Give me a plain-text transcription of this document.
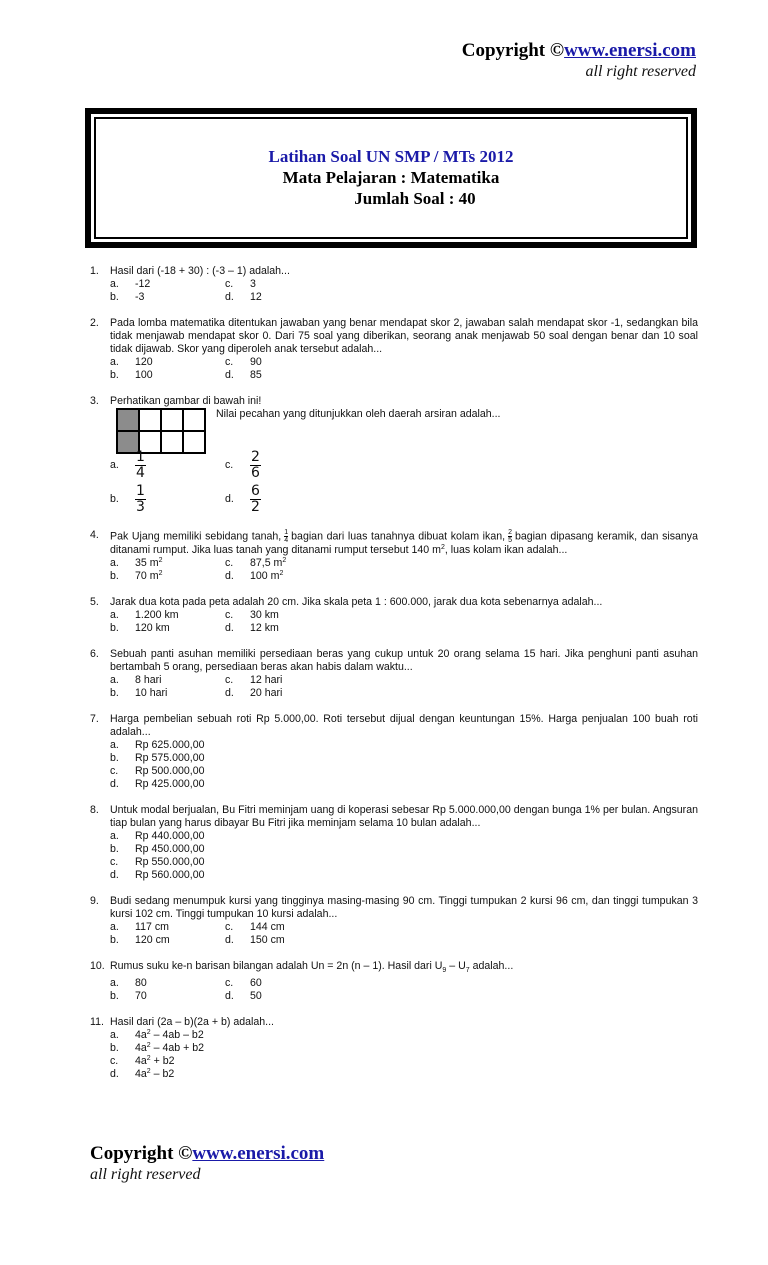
Copyright ©www.enersi.com
all right reserved
Latihan Soal UN SMP / MTs 2012
Mata Pelajaran : Matematika
Jumlah Soal : 40
1. Hasil dari (-18 + 30) : (-3 – 1) adalah...
a.	-12	c.	3
b.	-3	d.	12
2. Pada lomba matematika ditentukan jawaban yang benar mendapat skor 2, jawaban salah mendapat skor -1, sedangkan bila tidak menjawab mendapat skor 0. Dari 75 soal yang diberikan, seorang anak menjawab 50 soal dengan benar dan 10 soal tidak dijawab. Skor yang diperoleh anak tersebut adalah...
a.	120	c.	90
b.	100	d.	85
3. Perhatikan gambar di bawah ini!
Nilai pecahan yang ditunjukkan oleh daerah arsiran adalah...
a.	$\frac{1}{4}$	c.	$\frac{2}{6}$
b.	$\frac{1}{3}$	d.	$\frac{6}{2}$
4. Pak Ujang memiliki sebidang tanah, $\frac{1}{4}$ bagian dari luas tanahnya dibuat kolam ikan, $\frac{2}{5}$ bagian dipasang keramik, dan sisanya ditanami rumput. Jika luas tanah yang ditanami rumput tersebut 140 $m^2$, luas kolam ikan adalah...
a.	35 $m^2$	c.	87,5 $m^2$
b.	70 $m^2$	d.	100 $m^2$
5. Jarak dua kota pada peta adalah 20 cm. Jika skala peta 1 : 600.000, jarak dua kota sebenarnya adalah...
a.	1.200 km	c.	30 km
b.	120 km	d.	12 km
6. Sebuah panti asuhan memiliki persediaan beras yang cukup untuk 20 orang selama 15 hari. Jika penghuni panti asuhan bertambah 5 orang, persediaan beras akan habis dalam waktu...
a.	8 hari	c.	12 hari
b.	10 hari	d.	20 hari
7. Harga pembelian sebuah roti Rp 5.000,00. Roti tersebut dijual dengan keuntungan 15%. Harga penjualan 100 buah roti adalah...
a.	Rp 625.000,00
b.	Rp 575.000,00
c.	Rp 500.000,00
d.	Rp 425.000,00
8. Untuk modal berjualan, Bu Fitri meminjam uang di koperasi sebesar Rp 5.000.000,00 dengan bunga 1% per bulan. Angsuran tiap bulan yang harus dibayar Bu Fitri jika meminjam selama 10 bulan adalah...
a.	Rp 440.000,00
b.	Rp 450.000,00
c.	Rp 550.000,00
d.	Rp 560.000,00
9. Budi sedang menumpuk kursi yang tingginya masing-masing 90 cm. Tinggi tumpukan 2 kursi 96 cm, dan tinggi tumpukan 3 kursi 102 cm. Tinggi tumpukan 10 kursi adalah...
a.	117 cm	c.	144 cm
b.	120 cm	d.	150 cm
10. Rumus suku ke-n barisan bilangan adalah Un = 2n (n – 1). Hasil dari $U_9 - U_7$ adalah...
a.	80	c.	60
b.	70	d.	50
11. Hasil dari (2a – b)(2a + b) adalah...
a.	$4a^2 - 4ab - b2$
b.	$4a^2 - 4ab + b2$
c.	$4a^2 + b2$
d.	$4a^2 - b2$
Copyright ©www.enersi.com
all right reserved
